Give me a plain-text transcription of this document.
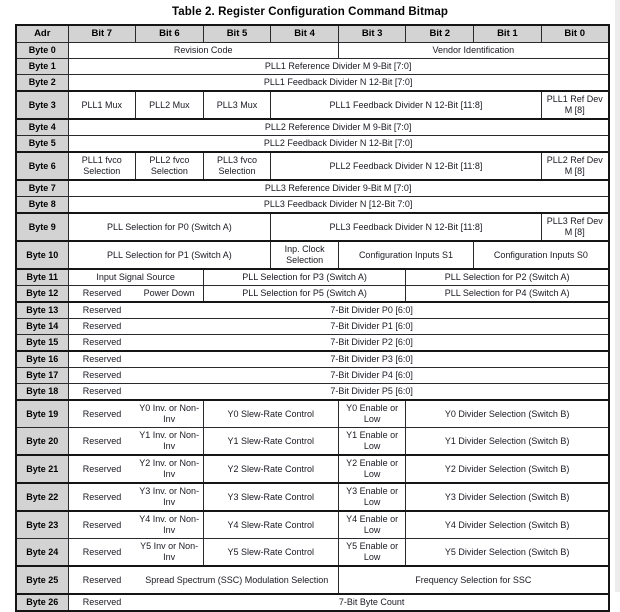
Table 2. Register Configuration Command Bitmap
Adr	Bit 7	Bit 6	Bit 5	Bit 4	Bit 3	Bit 2	Bit 1	Bit 0
Byte 0	Revision Code				Vendor Identification			
Byte 1	PLL1 Reference Divider M 9-Bit [7:0]							
Byte 2	PLL1 Feedback Divider N 12-Bit [7:0]							
Byte 3	PLL1 Mux	PLL2 Mux	PLL3 Mux	PLL1 Feedback Divider N 12-Bit [11:8]				PLL1 Ref Dev M [8]
Byte 4	PLL2 Reference Divider M 9-Bit [7:0]							
Byte 5	PLL2 Feedback Divider N 12-Bit [7:0]							
Byte 6	PLL1 fvco Selection	PLL2 fvco Selection	PLL3 fvco Selection	PLL2 Feedback Divider N 12-Bit [11:8]				PLL2 Ref Dev M [8]
Byte 7	PLL3 Reference Divider 9-Bit M [7:0]							
Byte 8	PLL3 Feedback Divider N [12-Bit 7:0]							
Byte 9	PLL Selection for P0 (Switch A)			PLL3 Feedback Divider N 12-Bit [11:8]				PLL3 Ref Dev M [8]
Byte 10	PLL Selection for P1 (Switch A)			Inp. Clock Selection	Configuration Inputs S1		Configuration Inputs S0	
Byte 11	Input Signal Source		PLL Selection for P3 (Switch A)			PLL Selection for P2 (Switch A)		
Byte 12	Reserved	Power Down	PLL Selection for P5 (Switch A)			PLL Selection for P4 (Switch A)		
Byte 13	Reserved	7-Bit Divider P0 [6:0]						
Byte 14	Reserved	7-Bit Divider P1 [6:0]						
Byte 15	Reserved	7-Bit Divider P2 [6:0]						
Byte 16	Reserved	7-Bit Divider P3 [6:0]						
Byte 17	Reserved	7-Bit Divider P4 [6:0]						
Byte 18	Reserved	7-Bit Divider P5 [6:0]						
Byte 19	Reserved	Y0 Inv. or Non-Inv	Y0 Slew-Rate Control		Y0 Enable or Low	Y0 Divider Selection (Switch B)		
Byte 20	Reserved	Y1 Inv. or Non-Inv	Y1 Slew-Rate Control		Y1 Enable or Low	Y1 Divider Selection (Switch B)		
Byte 21	Reserved	Y2 Inv. or Non-Inv	Y2 Slew-Rate Control		Y2 Enable or Low	Y2 Divider Selection (Switch B)		
Byte 22	Reserved	Y3 Inv. or Non-Inv	Y3 Slew-Rate Control		Y3 Enable or Low	Y3 Divider Selection (Switch B)		
Byte 23	Reserved	Y4 Inv. or Non-Inv	Y4 Slew-Rate Control		Y4 Enable or Low	Y4 Divider Selection (Switch B)		
Byte 24	Reserved	Y5 Inv or Non-Inv	Y5 Slew-Rate Control		Y5 Enable or Low	Y5 Divider Selection (Switch B)		
Byte 25	Reserved	Spread Spectrum (SSC) Modulation Selection			Frequency Selection for SSC			
Byte 26	Reserved	7-Bit Byte Count						
